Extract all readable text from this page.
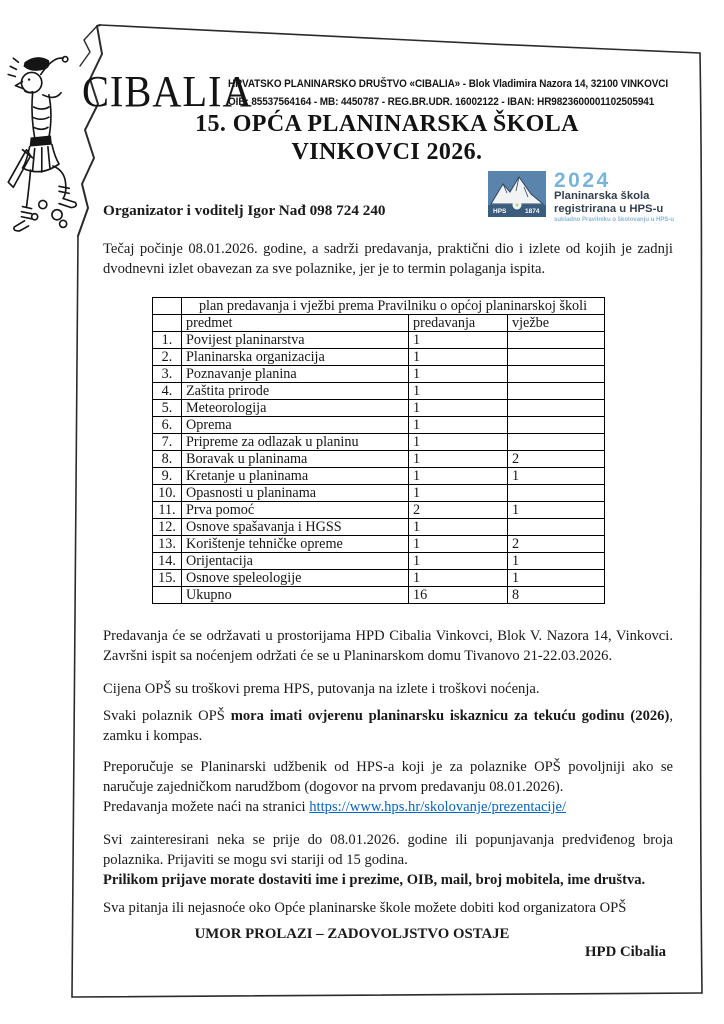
CIBALIA
HRVATSKO PLANINARSKO DRUŠTVO «CIBALIA» - Blok Vladimira Nazora 14, 32100 VINKOVCI
OIB: 85537564164 - MB: 4450787 - REG.BR.UDR. 16002122 - IBAN: HR9823600001102505941
15. OPĆA PLANINARSKA ŠKOLA
VINKOVCI 2026.
HPS	1874
2024
Planinarska škola
registrirana u HPS-u
sukladno Pravilniku o školovanju u HPS-u
Organizator i voditelj Igor Nađ 098 724 240
Tečaj počinje 08.01.2026. godine, a sadrži predavanja, praktični dio i izlete od kojih je zadnji dvodnevni izlet obavezan za sve polaznike, jer je to termin polaganja ispita.
	plan predavanja i vježbi prema Pravilniku o općoj planinarskoj školi		
	predmet	predavanja	vježbe
1.	Povijest planinarstva	1	
2.	Planinarska organizacija	1	
3.	Poznavanje planina	1	
4.	Zaštita prirode	1	
5.	Meteorologija	1	
6.	Oprema	1	
7.	Pripreme za odlazak u planinu	1	
8.	Boravak u planinama	1	2
9.	Kretanje u planinama	1	1
10.	Opasnosti u planinama	1	
11.	Prva pomoć	2	1
12.	Osnove spašavanja i HGSS	1	
13.	Korištenje tehničke opreme	1	2
14.	Orijentacija	1	1
15.	Osnove speleologije	1	1
	Ukupno	16	8
Predavanja će se održavati u prostorijama HPD Cibalia Vinkovci, Blok V. Nazora 14, Vinkovci. Završni ispit sa noćenjem održati će se u Planinarskom domu Tivanovo 21-22.03.2026.
Cijena OPŠ su troškovi prema HPS, putovanja na izlete i troškovi noćenja.
Svaki polaznik OPŠ mora imati ovjerenu planinarsku iskaznicu za tekuću godinu (2026), zamku i kompas.
Preporučuje se Planinarski udžbenik od HPS-a koji je za polaznike OPŠ povoljniji ako se naručuje zajedničkom narudžbom (dogovor na prvom predavanju 08.01.2026).
Predavanja možete naći na stranici https://www.hps.hr/skolovanje/prezentacije/
Svi zainteresirani neka se prije do 08.01.2026. godine ili popunjavanja predviđenog broja polaznika. Prijaviti se mogu svi stariji od 15 godina.
Prilikom prijave morate dostaviti ime i prezime, OIB, mail, broj mobitela, ime društva.
Sva pitanja ili nejasnoće oko Opće planinarske škole možete dobiti kod organizatora OPŠ
UMOR PROLAZI – ZADOVOLJSTVO OSTAJE
HPD Cibalia
